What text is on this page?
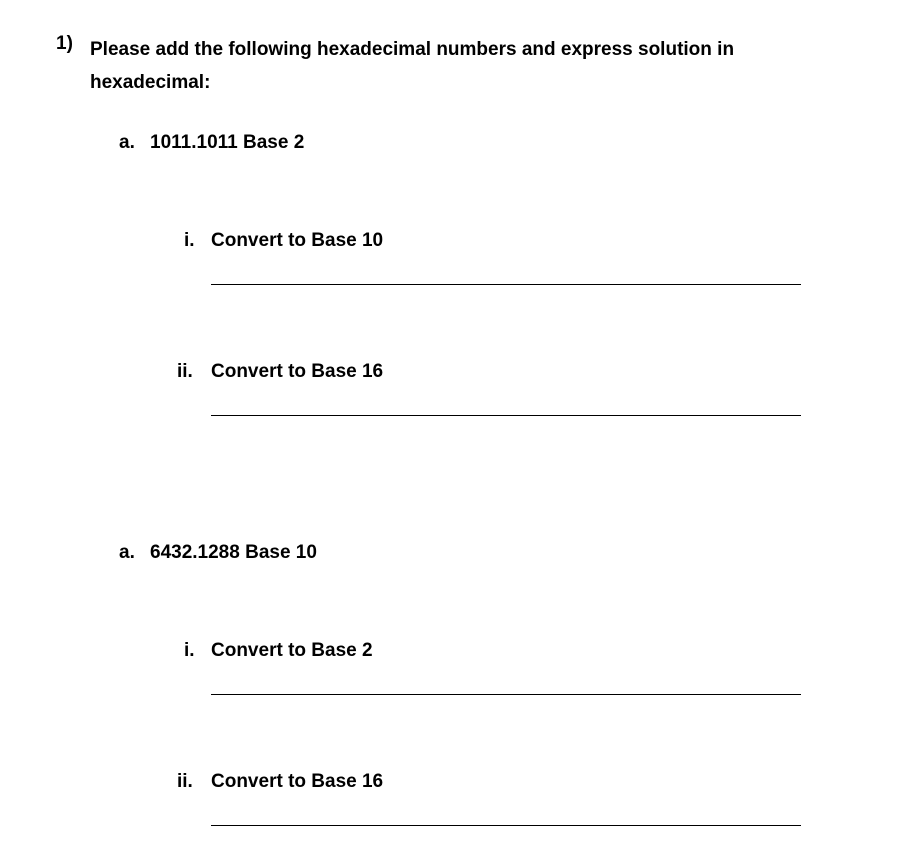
1) Please add the following hexadecimal numbers and express solution in hexadecimal:
a. 1011.1011 Base 2
i. Convert to Base 10
ii. Convert to Base 16
a. 6432.1288 Base 10
i. Convert to Base 2
ii. Convert to Base 16
